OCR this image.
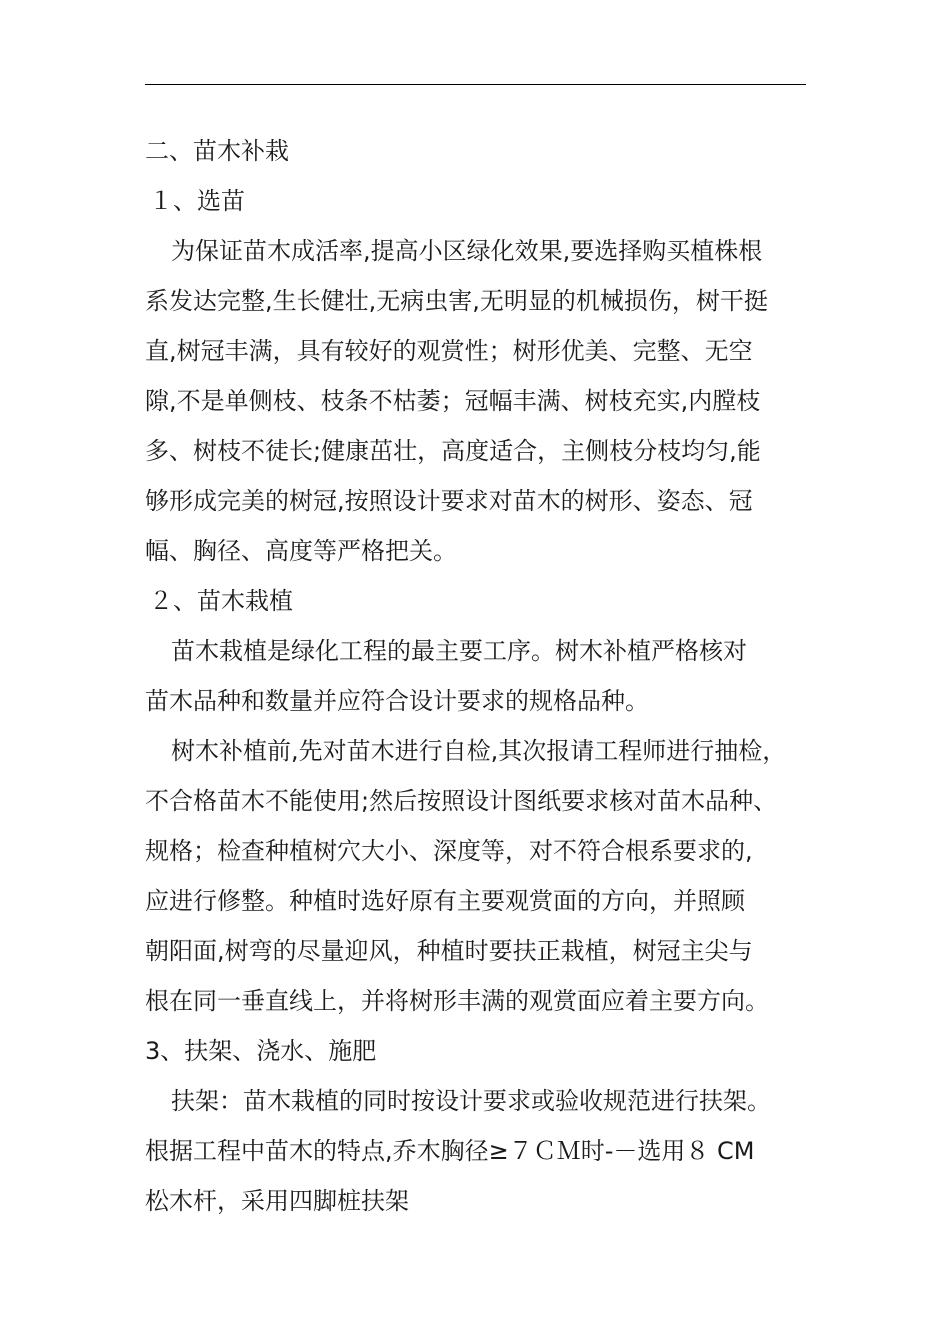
二、苗木补栽
１、选苗
为保证苗木成活率,提高小区绿化效果,要选择购买植株根
系发达完整,生长健壮,无病虫害,无明显的机械损伤，树干挺
直,树冠丰满，具有较好的观赏性；树形优美、完整、无空
隙,不是单侧枝、枝条不枯萎；冠幅丰满、树枝充实,内膛枝
多、树枝不徒长;健康茁壮，高度适合，主侧枝分枝均匀,能
够形成完美的树冠,按照设计要求对苗木的树形、姿态、冠
幅、胸径、高度等严格把关。
２、苗木栽植
苗木栽植是绿化工程的最主要工序。树木补植严格核对
苗木品种和数量并应符合设计要求的规格品种。
树木补植前,先对苗木进行自检,其次报请工程师进行抽检，
不合格苗木不能使用;然后按照设计图纸要求核对苗木品种、
规格；检查种植树穴大小、深度等，对不符合根系要求的,
应进行修整。种植时选好原有主要观赏面的方向，并照顾
朝阳面,树弯的尽量迎风，种植时要扶正栽植，树冠主尖与
根在同一垂直线上，并将树形丰满的观赏面应着主要方向。
3、扶架、浇水、施肥
扶架：苗木栽植的同时按设计要求或验收规范进行扶架。
根据工程中苗木的特点,乔木胸径≥７ＣＭ时-－选用８ CM
松木杆，采用四脚桩扶架
